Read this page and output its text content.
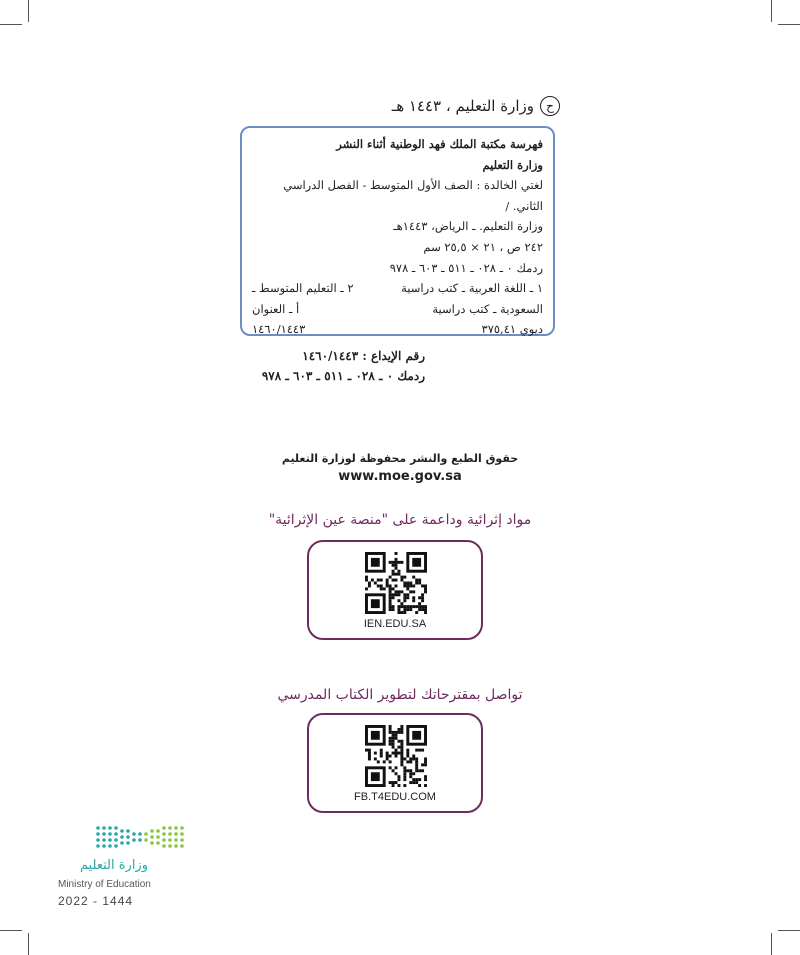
ح
وزارة التعليم ، ١٤٤٣ هـ
فهرسة مكتبة الملك فهد الوطنية أثناء النشر
وزارة التعليم
لغتي الخالدة : الصف الأول المتوسط - الفصل الدراسي الثاني. /
وزارة التعليم. ـ الرياض، ١٤٤٣هـ
٢٤٢ ص ، ٢١ × ٢٥,٥ سم
ردمك ٠ ـ ٠٢٨ ـ ٥١١ ـ ٦٠٣ ـ ٩٧٨
١ ـ اللغة العربية ـ كتب دراسية
٢ ـ التعليم المتوسط ـ
السعودية ـ كتب دراسية
أ ـ العنوان
ديوي ٣٧٥,٤١
١٤٦٠/١٤٤٣
رقم الإيداع : ١٤٦٠/١٤٤٣
ردمك ٠ ـ ٠٢٨ ـ ٥١١ ـ ٦٠٣ ـ ٩٧٨
حقوق الطبع والنشر محفوظة لوزارة التعليم
www.moe.gov.sa
مواد إثرائية وداعمة على "منصة عين الإثرائية"
IEN.EDU.SA
تواصل بمقترحاتك لتطوير الكتاب المدرسي
FB.T4EDU.COM
وزارة التعليم
Ministry of Education
2022 - 1444
